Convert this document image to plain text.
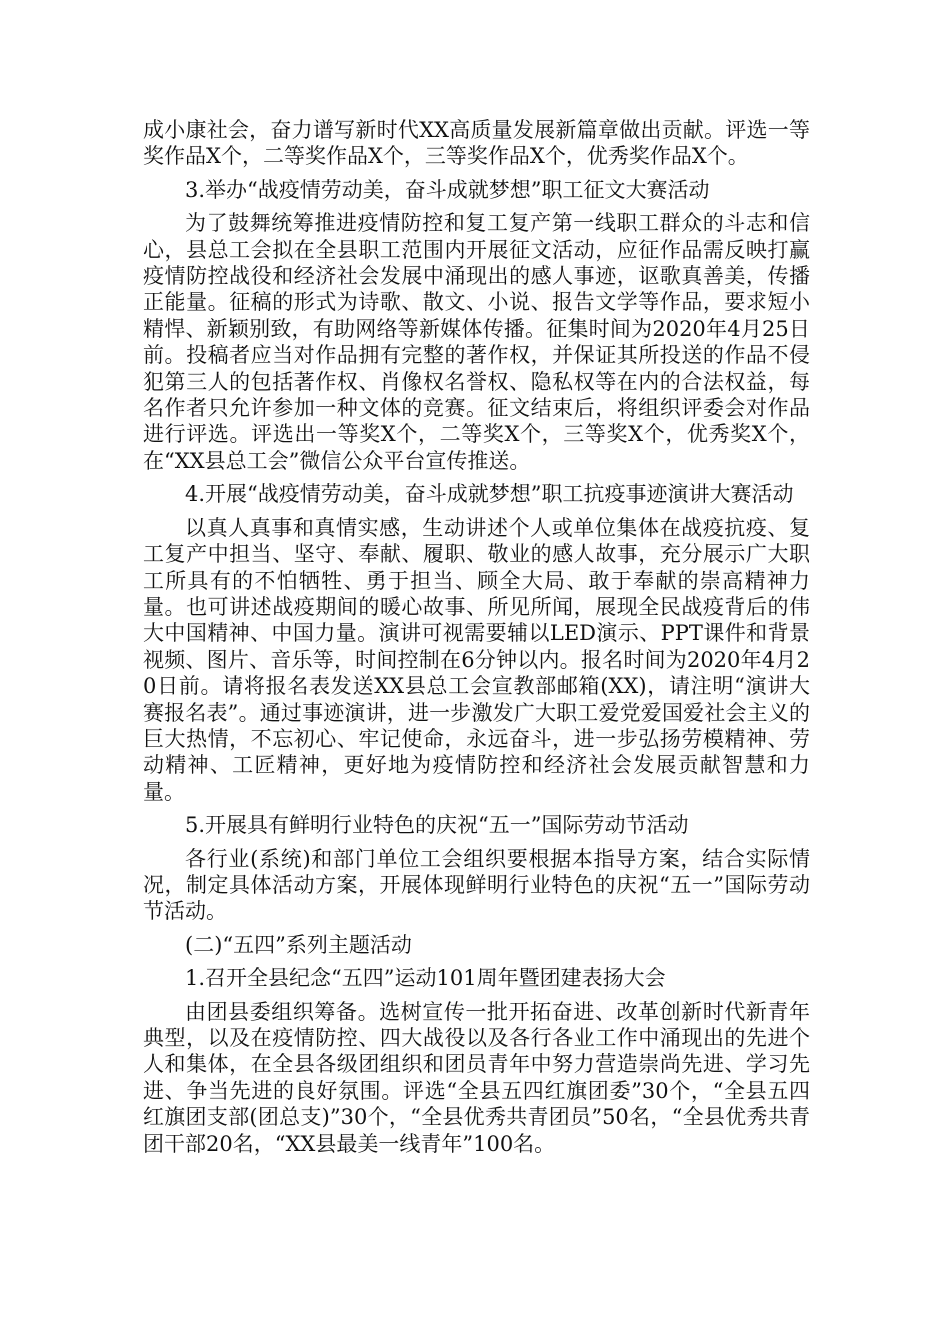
成小康社会，奋力谱写新时代XX高质量发展新篇章做出贡献。评选一等奖作品X个，二等奖作品X个，三等奖作品X个，优秀奖作品X个。

3.举办“战疫情劳动美，奋斗成就梦想”职工征文大赛活动

为了鼓舞统筹推进疫情防控和复工复产第一线职工群众的斗志和信心，县总工会拟在全县职工范围内开展征文活动，应征作品需反映打赢疫情防控战役和经济社会发展中涌现出的感人事迹，讴歌真善美，传播正能量。征稿的形式为诗歌、散文、小说、报告文学等作品，要求短小精悍、新颖别致，有助网络等新媒体传播。征集时间为2020年4月25日前。投稿者应当对作品拥有完整的著作权，并保证其所投送的作品不侵犯第三人的包括著作权、肖像权名誉权、隐私权等在内的合法权益，每名作者只允许参加一种文体的竞赛。征文结束后，将组织评委会对作品进行评选。评选出一等奖X个，二等奖X个，三等奖X个，优秀奖X个，在“XX县总工会”微信公众平台宣传推送。

4.开展“战疫情劳动美，奋斗成就梦想”职工抗疫事迹演讲大赛活动

以真人真事和真情实感，生动讲述个人或单位集体在战疫抗疫、复工复产中担当、坚守、奉献、履职、敬业的感人故事，充分展示广大职工所具有的不怕牺牲、勇于担当、顾全大局、敢于奉献的崇高精神力量。也可讲述战疫期间的暖心故事、所见所闻，展现全民战疫背后的伟大中国精神、中国力量。演讲可视需要辅以LED演示、PPT课件和背景视频、图片、音乐等，时间控制在6分钟以内。报名时间为2020年4月20日前。请将报名表发送XX县总工会宣教部邮箱(XX)，请注明“演讲大赛报名表”。通过事迹演讲，进一步激发广大职工爱党爱国爱社会主义的巨大热情，不忘初心、牢记使命，永远奋斗，进一步弘扬劳模精神、劳动精神、工匠精神，更好地为疫情防控和经济社会发展贡献智慧和力量。

5.开展具有鲜明行业特色的庆祝“五一”国际劳动节活动

各行业(系统)和部门单位工会组织要根据本指导方案，结合实际情况，制定具体活动方案，开展体现鲜明行业特色的庆祝“五一”国际劳动节活动。

(二)“五四”系列主题活动

1.召开全县纪念“五四”运动101周年暨团建表扬大会

由团县委组织筹备。选树宣传一批开拓奋进、改革创新时代新青年典型，以及在疫情防控、四大战役以及各行各业工作中涌现出的先进个人和集体，在全县各级团组织和团员青年中努力营造崇尚先进、学习先进、争当先进的良好氛围。评选“全县五四红旗团委”30个，“全县五四红旗团支部(团总支)”30个，“全县优秀共青团员”50名，“全县优秀共青团干部20名，“XX县最美一线青年”100名。
